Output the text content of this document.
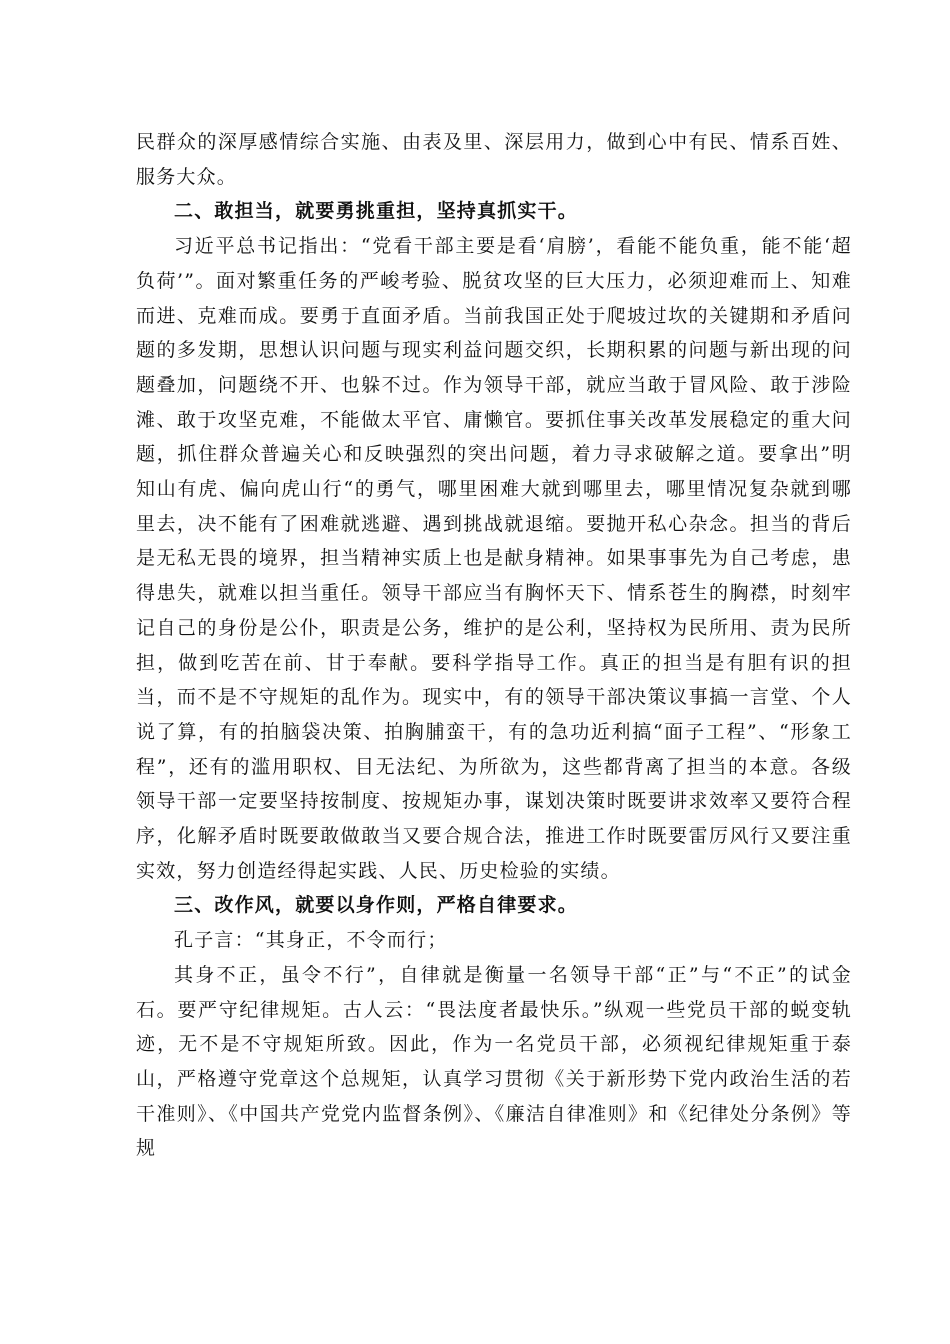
民群众的深厚感情综合实施、由表及里、深层用力，做到心中有民、情系百姓、服务大众。

二、敢担当，就要勇挑重担，坚持真抓实干。

习近平总书记指出：“党看干部主要是看‘肩膀’，看能不能负重，能不能‘超负荷’”。面对繁重任务的严峻考验、脱贫攻坚的巨大压力，必须迎难而上、知难而进、克难而成。要勇于直面矛盾。当前我国正处于爬坡过坎的关键期和矛盾问题的多发期，思想认识问题与现实利益问题交织，长期积累的问题与新出现的问题叠加，问题绕不开、也躲不过。作为领导干部，就应当敢于冒风险、敢于涉险滩、敢于攻坚克难，不能做太平官、庸懒官。要抓住事关改革发展稳定的重大问题，抓住群众普遍关心和反映强烈的突出问题，着力寻求破解之道。要拿出”明知山有虎、偏向虎山行“的勇气，哪里困难大就到哪里去，哪里情况复杂就到哪里去，决不能有了困难就逃避、遇到挑战就退缩。要抛开私心杂念。担当的背后是无私无畏的境界，担当精神实质上也是献身精神。如果事事先为自己考虑，患得患失，就难以担当重任。领导干部应当有胸怀天下、情系苍生的胸襟，时刻牢记自己的身份是公仆，职责是公务，维护的是公利，坚持权为民所用、责为民所担，做到吃苦在前、甘于奉献。要科学指导工作。真正的担当是有胆有识的担当，而不是不守规矩的乱作为。现实中，有的领导干部决策议事搞一言堂、个人说了算，有的拍脑袋决策、拍胸脯蛮干，有的急功近利搞“面子工程”、“形象工程”，还有的滥用职权、目无法纪、为所欲为，这些都背离了担当的本意。各级领导干部一定要坚持按制度、按规矩办事，谋划决策时既要讲求效率又要符合程序，化解矛盾时既要敢做敢当又要合规合法，推进工作时既要雷厉风行又要注重实效，努力创造经得起实践、人民、历史检验的实绩。

三、改作风，就要以身作则，严格自律要求。

孔子言：“其身正，不令而行；

其身不正，虽令不行”，自律就是衡量一名领导干部“正”与“不正”的试金石。要严守纪律规矩。古人云：“畏法度者最快乐。”纵观一些党员干部的蜕变轨迹，无不是不守规矩所致。因此，作为一名党员干部，必须视纪律规矩重于泰山，严格遵守党章这个总规矩，认真学习贯彻《关于新形势下党内政治生活的若干准则》、《中国共产党党内监督条例》、《廉洁自律准则》和《纪律处分条例》等规
